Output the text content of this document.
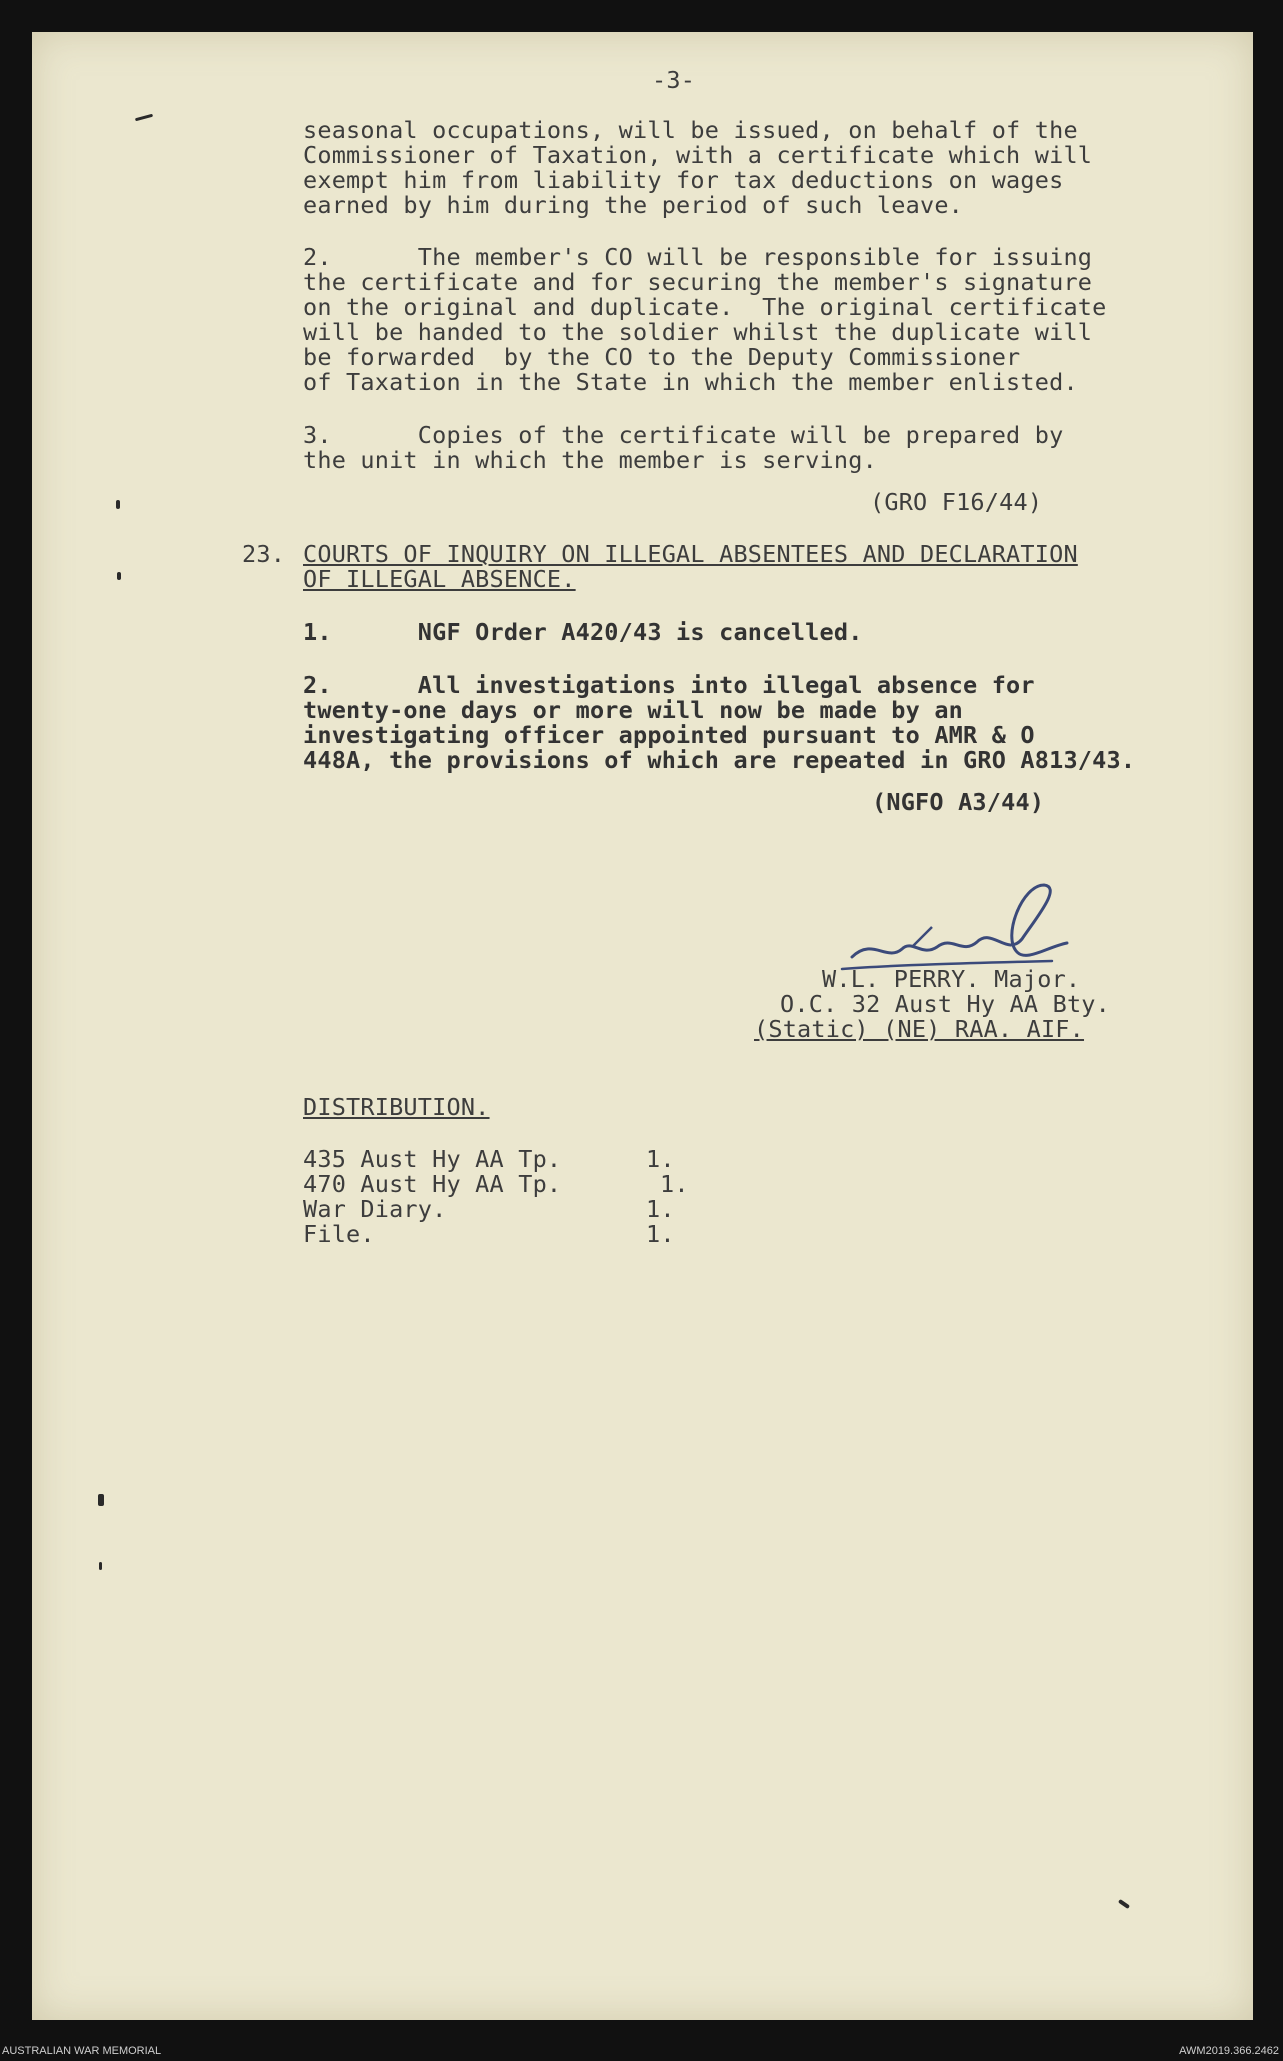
-3-
seasonal occupations, will be issued, on behalf of the
Commissioner of Taxation, with a certificate which will
exempt him from liability for tax deductions on wages
earned by him during the period of such leave.
2.      The member's CO will be responsible for issuing
the certificate and for securing the member's signature
on the original and duplicate.  The original certificate
will be handed to the soldier whilst the duplicate will
be forwarded  by the CO to the Deputy Commissioner
of Taxation in the State in which the member enlisted.
3.      Copies of the certificate will be prepared by
the unit in which the member is serving.
(GRO F16/44)
23. COURTS OF INQUIRY ON ILLEGAL ABSENTEES AND DECLARATION
OF ILLEGAL ABSENCE.
1.      NGF Order A420/43 is cancelled.
2.      All investigations into illegal absence for
twenty-one days or more will now be made by an
investigating officer appointed pursuant to AMR & O
448A, the provisions of which are repeated in GRO A813/43.
(NGFO A3/44)
W.L. PERRY. Major.
O.C. 32 Aust Hy AA Bty.
(Static) (NE) RAA. AIF.
DISTRIBUTION.
435 Aust Hy AA Tp.	1.
470 Aust Hy AA Tp.	1.
War Diary.	1.
File.	1.
AUSTRALIAN WAR MEMORIAL	AWM2019.366.2462
